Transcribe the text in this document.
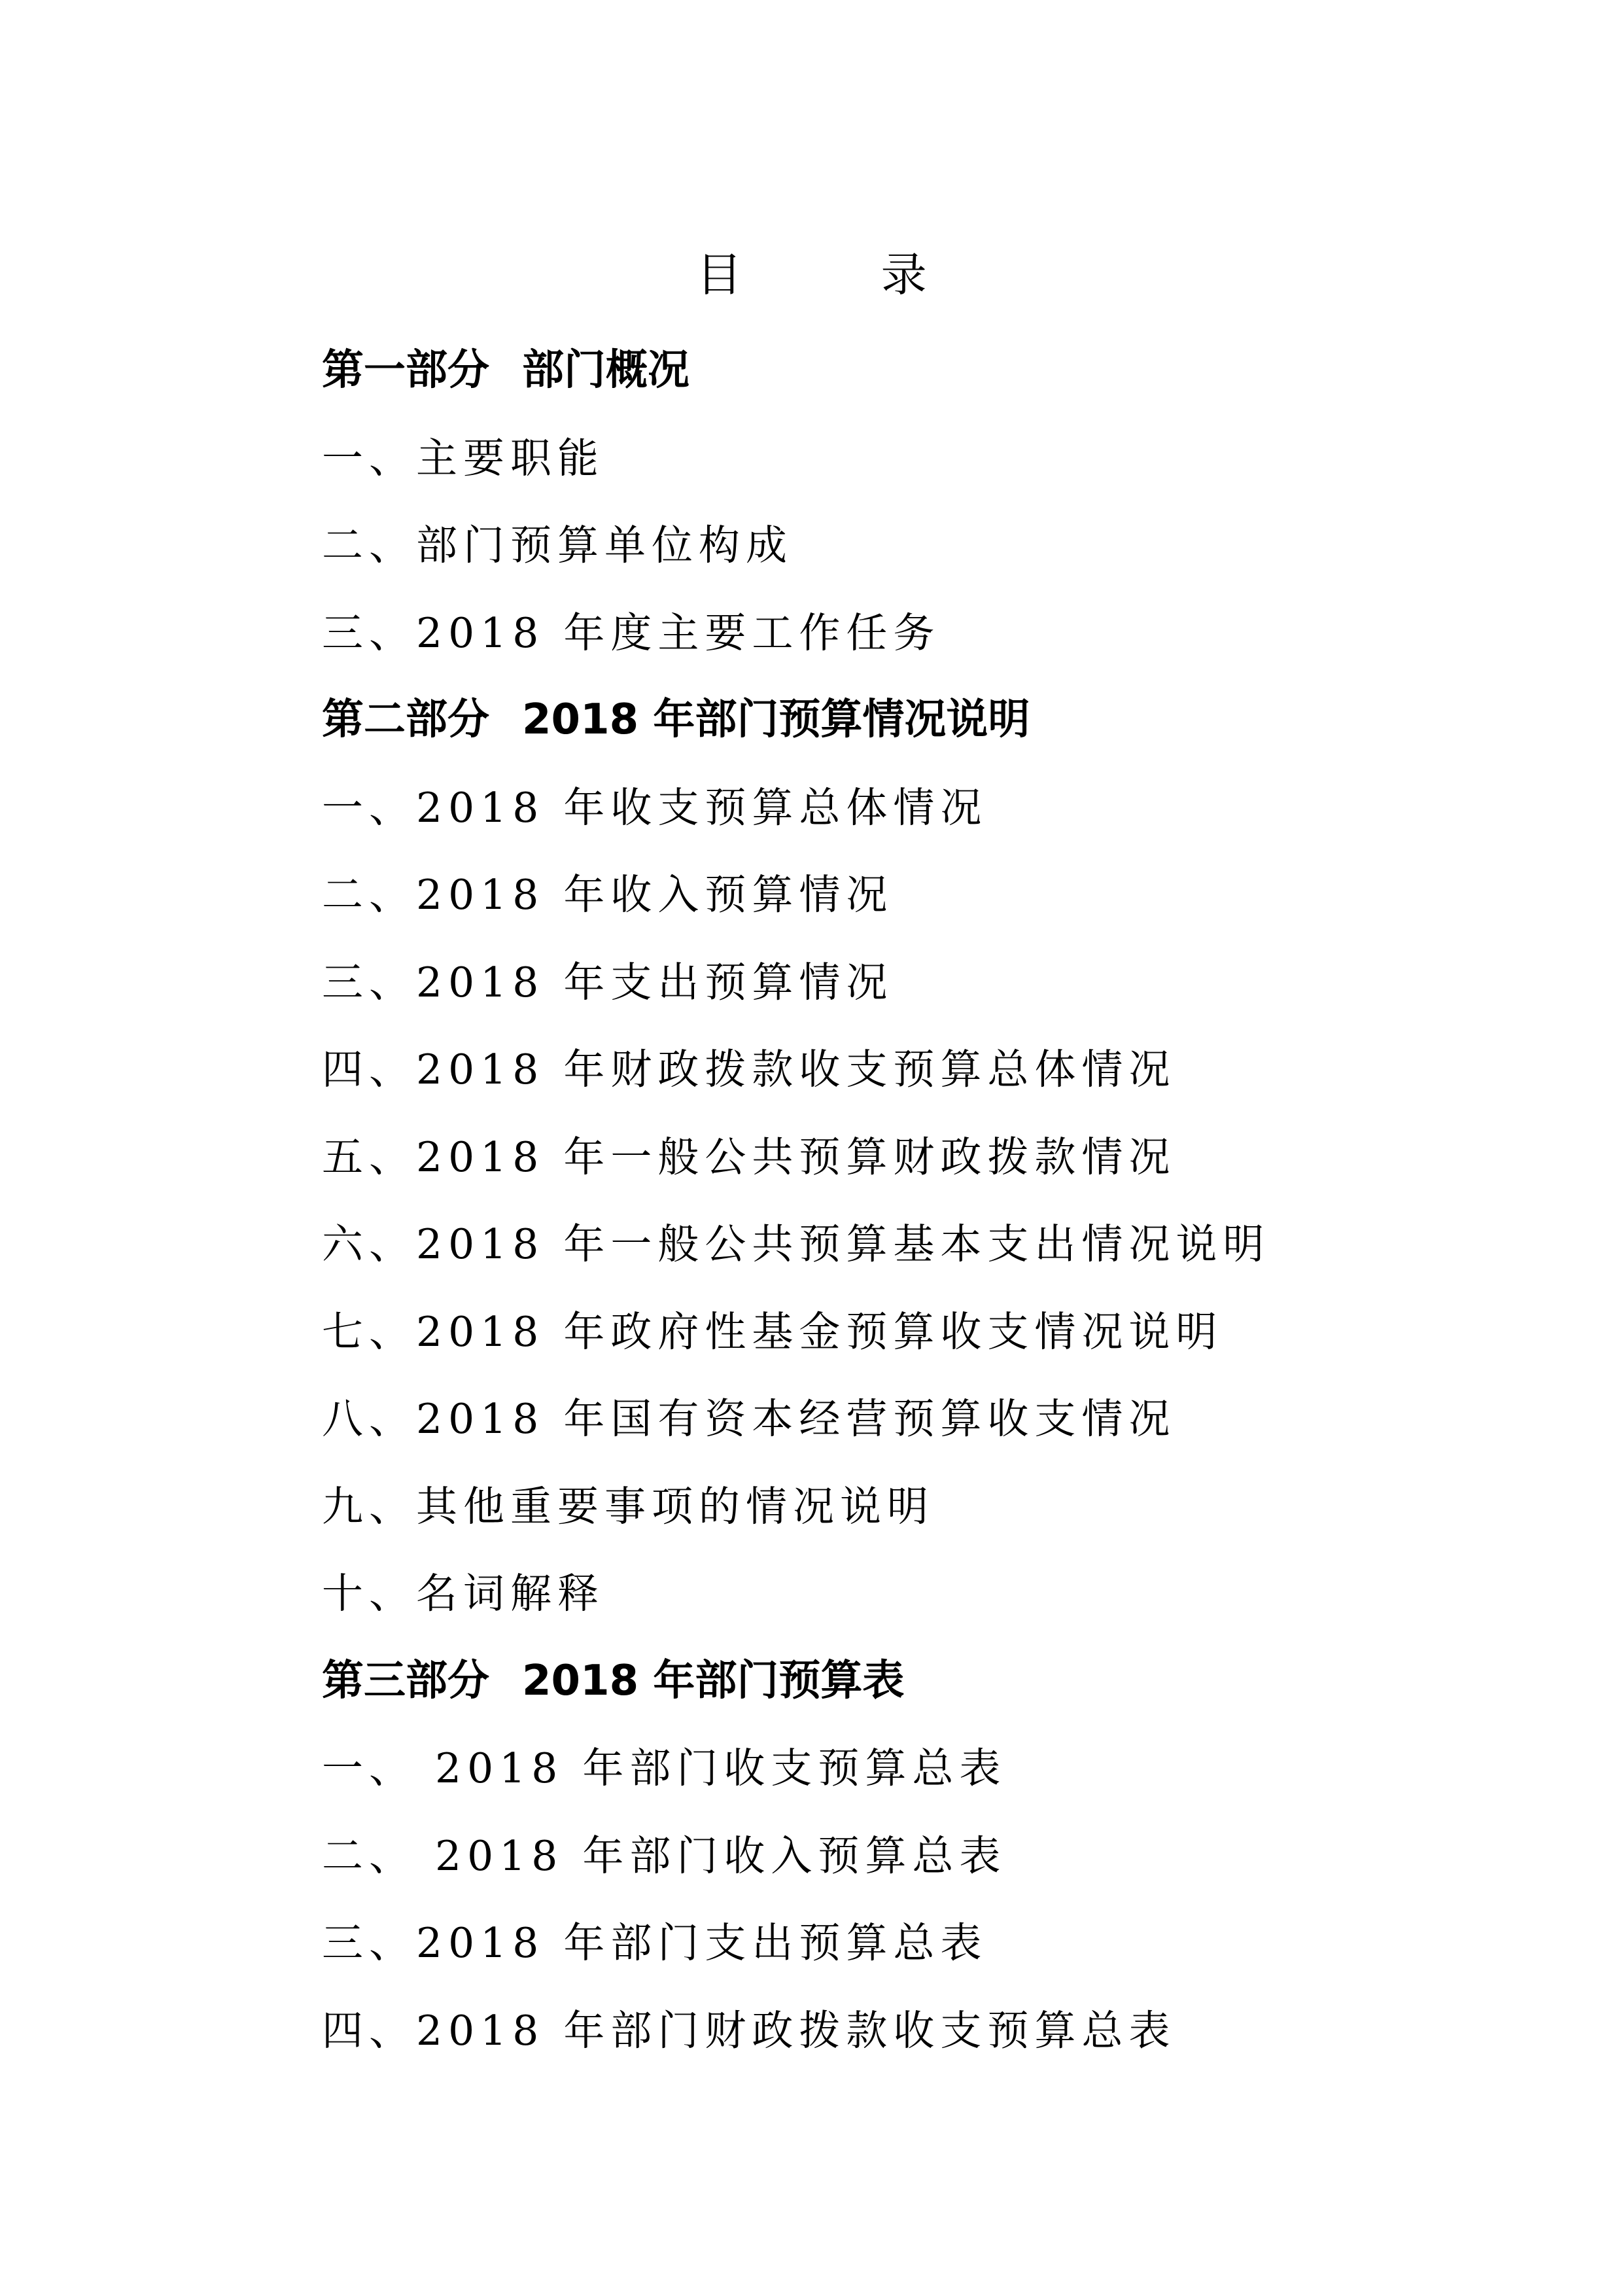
目 录
第一部分 部门概况
一、主要职能
二、部门预算单位构成
三、2018 年度主要工作任务
第二部分 2018 年部门预算情况说明
一、2018 年收支预算总体情况
二、2018 年收入预算情况
三、2018 年支出预算情况
四、2018 年财政拨款收支预算总体情况
五、2018 年一般公共预算财政拨款情况
六、2018 年一般公共预算基本支出情况说明
七、2018 年政府性基金预算收支情况说明
八、2018 年国有资本经营预算收支情况
九、其他重要事项的情况说明
十、名词解释
第三部分 2018 年部门预算表
一、 2018 年部门收支预算总表
二、 2018 年部门收入预算总表
三、2018 年部门支出预算总表
四、2018 年部门财政拨款收支预算总表
